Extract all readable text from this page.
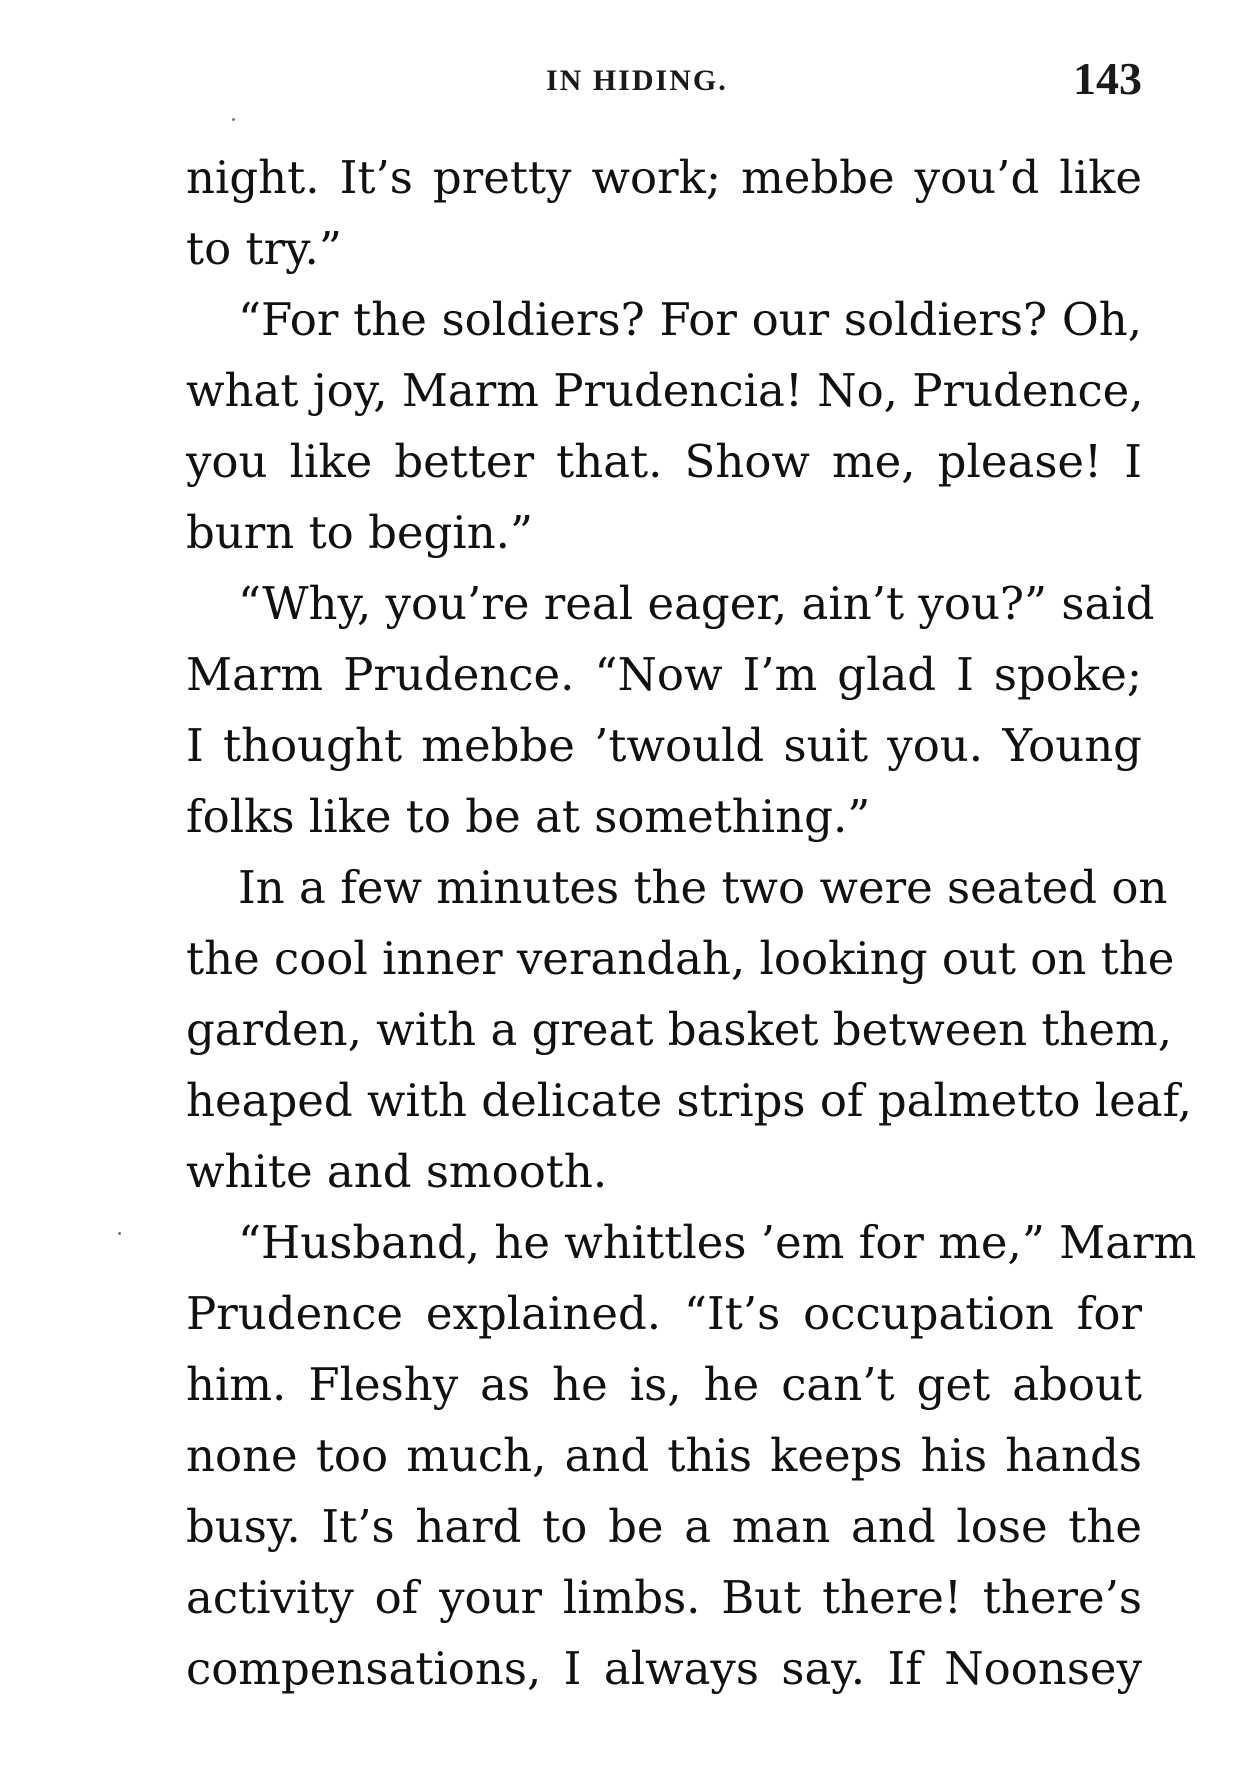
IN HIDING.	143
night. It’s pretty work; mebbe you’d like
to try.”
“For the soldiers? For our soldiers? Oh,
what joy, Marm Prudencia! No, Prudence,
you like better that. Show me, please! I
burn to begin.”
“Why, you’re real eager, ain’t you?” said
Marm Prudence. “Now I’m glad I spoke;
I thought mebbe ’twould suit you. Young
folks like to be at something.”
In a few minutes the two were seated on
the cool inner verandah, looking out on the
garden, with a great basket between them,
heaped with delicate strips of palmetto leaf,
white and smooth.
“Husband, he whittles ’em for me,” Marm
Prudence explained. “It’s occupation for
him. Fleshy as he is, he can’t get about
none too much, and this keeps his hands
busy. It’s hard to be a man and lose the
activity of your limbs. But there! there’s
compensations, I always say. If Noonsey
